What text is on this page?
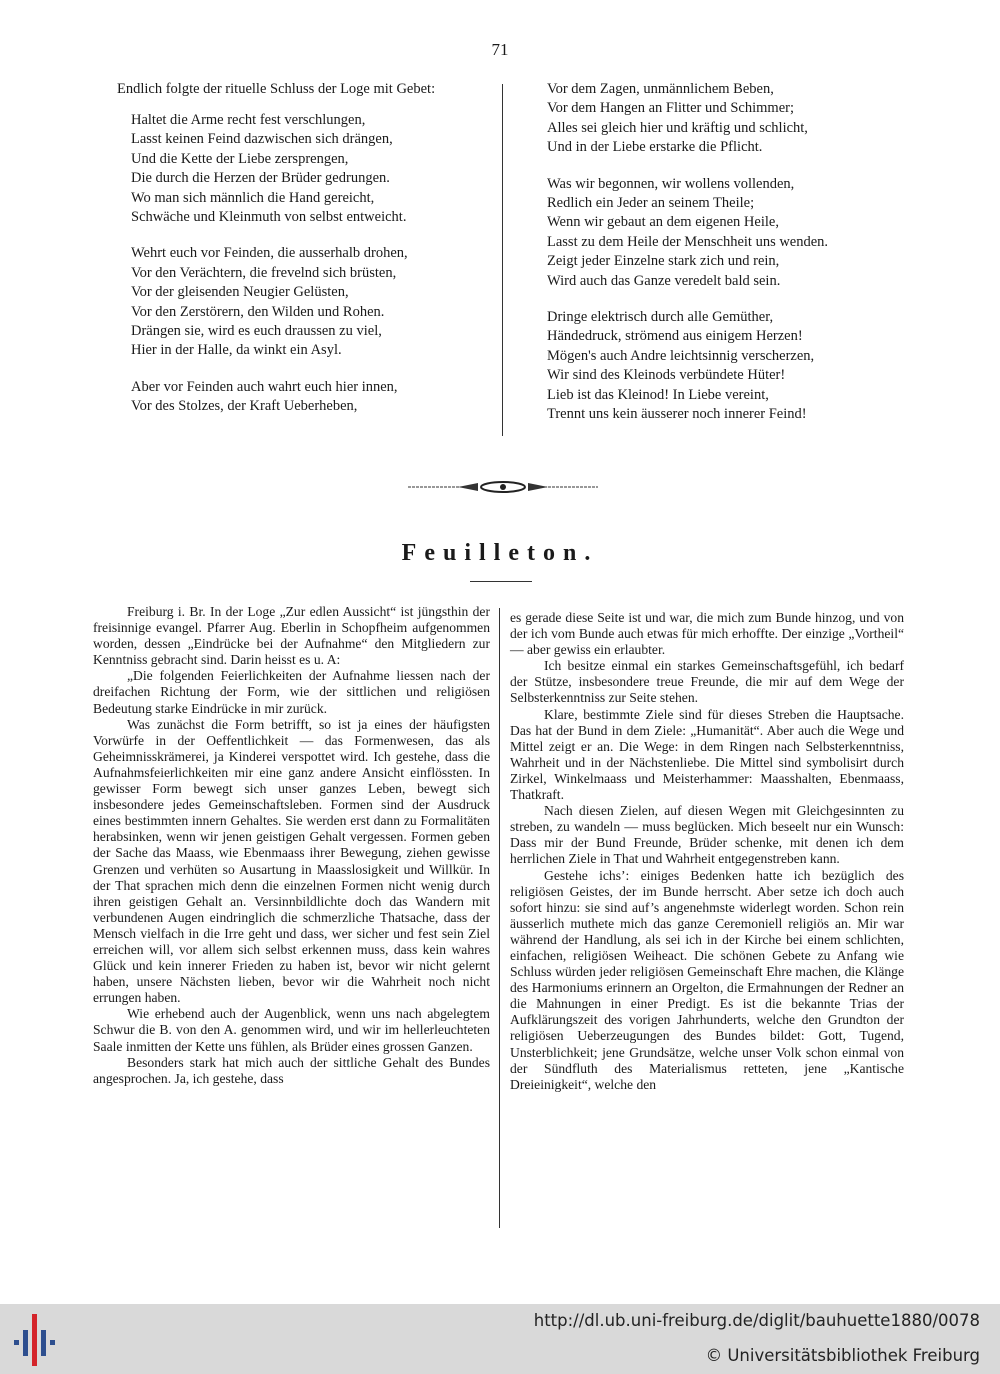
71

Endlich folgte der rituelle Schluss der Loge mit Gebet:

Haltet die Arme recht fest verschlungen,
Lasst keinen Feind dazwischen sich drängen,
Und die Kette der Liebe zersprengen,
Die durch die Herzen der Brüder gedrungen.
Wo man sich männlich die Hand gereicht,
Schwäche und Kleinmuth von selbst entweicht.
Wehrt euch vor Feinden, die ausserhalb drohen,
Vor den Verächtern, die frevelnd sich brüsten,
Vor der gleisenden Neugier Gelüsten,
Vor den Zerstörern, den Wilden und Rohen.
Drängen sie, wird es euch draussen zu viel,
Hier in der Halle, da winkt ein Asyl.
Aber vor Feinden auch wahrt euch hier innen,
Vor des Stolzes, der Kraft Ueberheben,
Vor dem Zagen, unmännlichem Beben,
Vor dem Hangen an Flitter und Schimmer;
Alles sei gleich hier und kräftig und schlicht,
Und in der Liebe erstarke die Pflicht.
Was wir begonnen, wir wollens vollenden,
Redlich ein Jeder an seinem Theile;
Wenn wir gebaut an dem eigenen Heile,
Lasst zu dem Heile der Menschheit uns wenden.
Zeigt jeder Einzelne stark zich und rein,
Wird auch das Ganze veredelt bald sein.
Dringe elektrisch durch alle Gemüther,
Händedruck, strömend aus einigem Herzen!
Mögen's auch Andre leichtsinnig verscherzen,
Wir sind des Kleinods verbündete Hüter!
Lieb ist das Kleinod! In Liebe vereint,
Trennt uns kein äusserer noch innerer Feind!
Feuilleton.

Freiburg i. Br. In der Loge „Zur edlen Aussicht“ ist jüngsthin der freisinnige evangel. Pfarrer Aug. Eberlin in Schopfheim aufgenommen worden, dessen „Eindrücke bei der Aufnahme“ den Mitgliedern zur Kenntniss gebracht sind. Darin heisst es u. A:

„Die folgenden Feierlichkeiten der Aufnahme liessen nach der dreifachen Richtung der Form, wie der sittlichen und religiösen Bedeutung starke Eindrücke in mir zurück.

Was zunächst die Form betrifft, so ist ja eines der häufigsten Vorwürfe in der Oeffentlichkeit — das Formenwesen, das als Geheimnisskrämerei, ja Kinderei verspottet wird. Ich gestehe, dass die Aufnahmsfeierlichkeiten mir eine ganz andere Ansicht einflössten. In gewisser Form bewegt sich unser ganzes Leben, bewegt sich insbesondere jedes Gemeinschaftsleben. Formen sind der Ausdruck eines bestimmten innern Gehaltes. Sie werden erst dann zu Formalitäten herabsinken, wenn wir jenen geistigen Gehalt vergessen. Formen geben der Sache das Maass, wie Ebenmaass ihrer Bewegung, ziehen gewisse Grenzen und verhüten so Ausartung in Maasslosigkeit und Willkür. In der That sprachen mich denn die einzelnen Formen nicht wenig durch ihren geistigen Gehalt an. Versinnbildlichte doch das Wandern mit verbundenen Augen eindringlich die schmerzliche Thatsache, dass der Mensch vielfach in die Irre geht und dass, wer sicher und fest sein Ziel erreichen will, vor allem sich selbst erkennen muss, dass kein wahres Glück und kein innerer Frieden zu haben ist, bevor wir nicht gelernt haben, unsere Nächsten lieben, bevor wir die Wahrheit noch nicht errungen haben.

Wie erhebend auch der Augenblick, wenn uns nach abgelegtem Schwur die B. von den A. genommen wird, und wir im hellerleuchteten Saale inmitten der Kette uns fühlen, als Brüder eines grossen Ganzen.

Besonders stark hat mich auch der sittliche Gehalt des Bundes angesprochen. Ja, ich gestehe, dass

es gerade diese Seite ist und war, die mich zum Bunde hinzog, und von der ich vom Bunde auch etwas für mich erhoffte. Der einzige „Vortheil“ — aber gewiss ein erlaubter.

Ich besitze einmal ein starkes Gemeinschaftsgefühl, ich bedarf der Stütze, insbesondere treue Freunde, die mir auf dem Wege der Selbsterkenntniss zur Seite stehen.

Klare, bestimmte Ziele sind für dieses Streben die Hauptsache. Das hat der Bund in dem Ziele: „Humanität“. Aber auch die Wege und Mittel zeigt er an. Die Wege: in dem Ringen nach Selbsterkenntniss, Wahrheit und in der Nächstenliebe. Die Mittel sind symbolisirt durch Zirkel, Winkelmaass und Meisterhammer: Maasshalten, Ebenmaass, Thatkraft.

Nach diesen Zielen, auf diesen Wegen mit Gleichgesinnten zu streben, zu wandeln — muss beglücken. Mich beseelt nur ein Wunsch: Dass mir der Bund Freunde, Brüder schenke, mit denen ich dem herrlichen Ziele in That und Wahrheit entgegenstreben kann.

Gestehe ichs’: einiges Bedenken hatte ich bezüglich des religiösen Geistes, der im Bunde herrscht. Aber setze ich doch auch sofort hinzu: sie sind auf’s angenehmste widerlegt worden. Schon rein äusserlich muthete mich das ganze Ceremoniell religiös an. Mir war während der Handlung, als sei ich in der Kirche bei einem schlichten, einfachen, religiösen Weiheact. Die schönen Gebete zu Anfang wie Schluss würden jeder religiösen Gemeinschaft Ehre machen, die Klänge des Harmoniums erinnern an Orgelton, die Ermahnungen der Redner an die Mahnungen in einer Predigt. Es ist die bekannte Trias der Aufklärungszeit des vorigen Jahrhunderts, welche den Grundton der religiösen Ueberzeugungen des Bundes bildet: Gott, Tugend, Unsterblichkeit; jene Grundsätze, welche unser Volk schon einmal von der Sündfluth des Materialismus retteten, jene „Kantische Dreieinigkeit“, welche den

http://dl.ub.uni-freiburg.de/diglit/bauhuette1880/0078
© Universitätsbibliothek Freiburg
